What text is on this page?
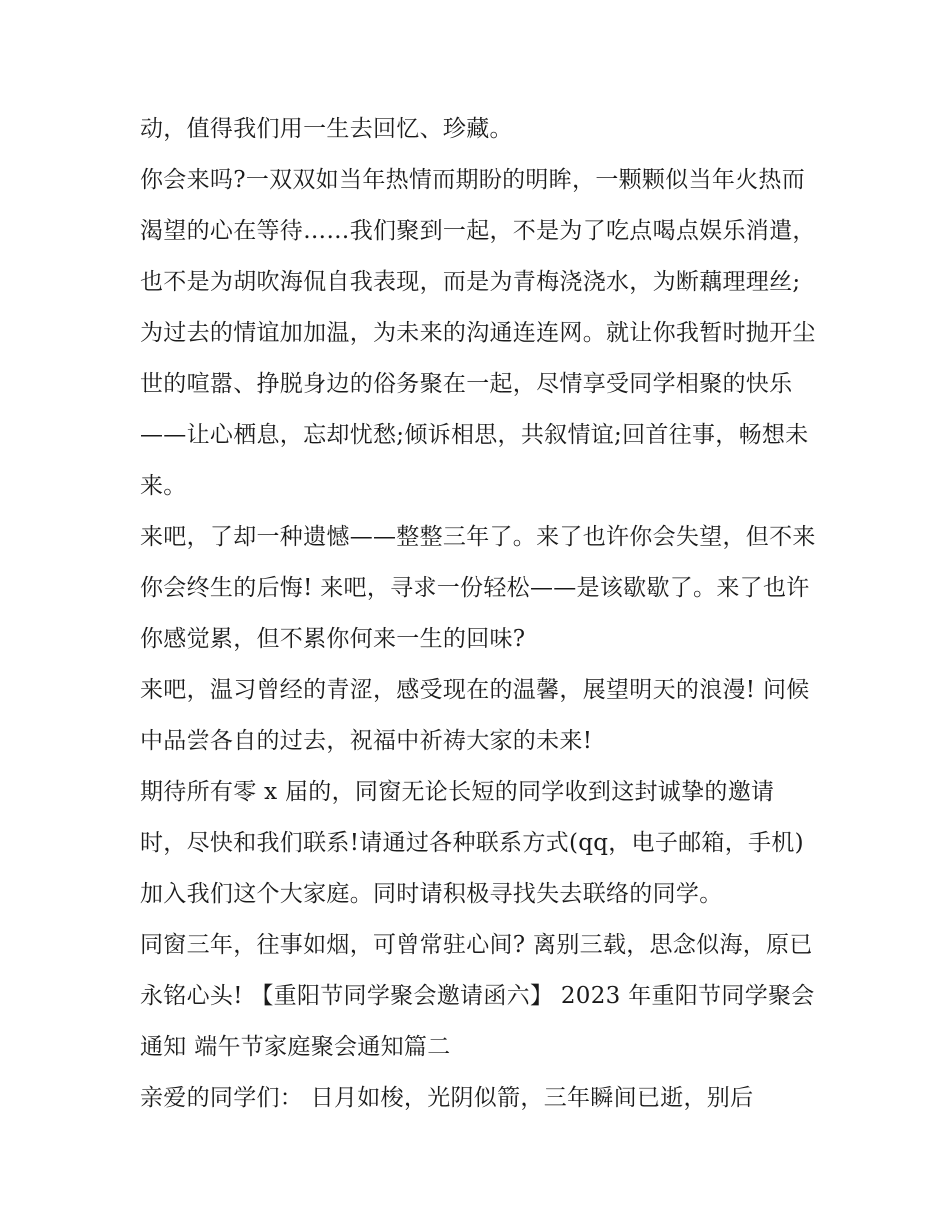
动，值得我们用一生去回忆、珍藏。

你会来吗?一双双如当年热情而期盼的明眸，一颗颗似当年火热而渴望的心在等待……我们聚到一起，不是为了吃点喝点娱乐消遣，也不是为胡吹海侃自我表现，而是为青梅浇浇水，为断藕理理丝;为过去的情谊加加温，为未来的沟通连连网。就让你我暂时抛开尘世的喧嚣、挣脱身边的俗务聚在一起，尽情享受同学相聚的快乐——让心栖息，忘却忧愁;倾诉相思，共叙情谊;回首往事，畅想未来。

来吧，了却一种遗憾——整整三年了。来了也许你会失望，但不来你会终生的后悔! 来吧，寻求一份轻松——是该歇歇了。来了也许你感觉累，但不累你何来一生的回味?

来吧，温习曾经的青涩，感受现在的温馨，展望明天的浪漫! 问候中品尝各自的过去，祝福中祈祷大家的未来!

期待所有零 x 届的，同窗无论长短的同学收到这封诚挚的邀请时，尽快和我们联系!请通过各种联系方式(qq，电子邮箱，手机)加入我们这个大家庭。同时请积极寻找失去联络的同学。

同窗三年，往事如烟，可曾常驻心间? 离别三载，思念似海，原已永铭心头! 【重阳节同学聚会邀请函六】 2023 年重阳节同学聚会通知 端午节家庭聚会通知篇二

亲爱的同学们： 日月如梭，光阴似箭，三年瞬间已逝，别后
